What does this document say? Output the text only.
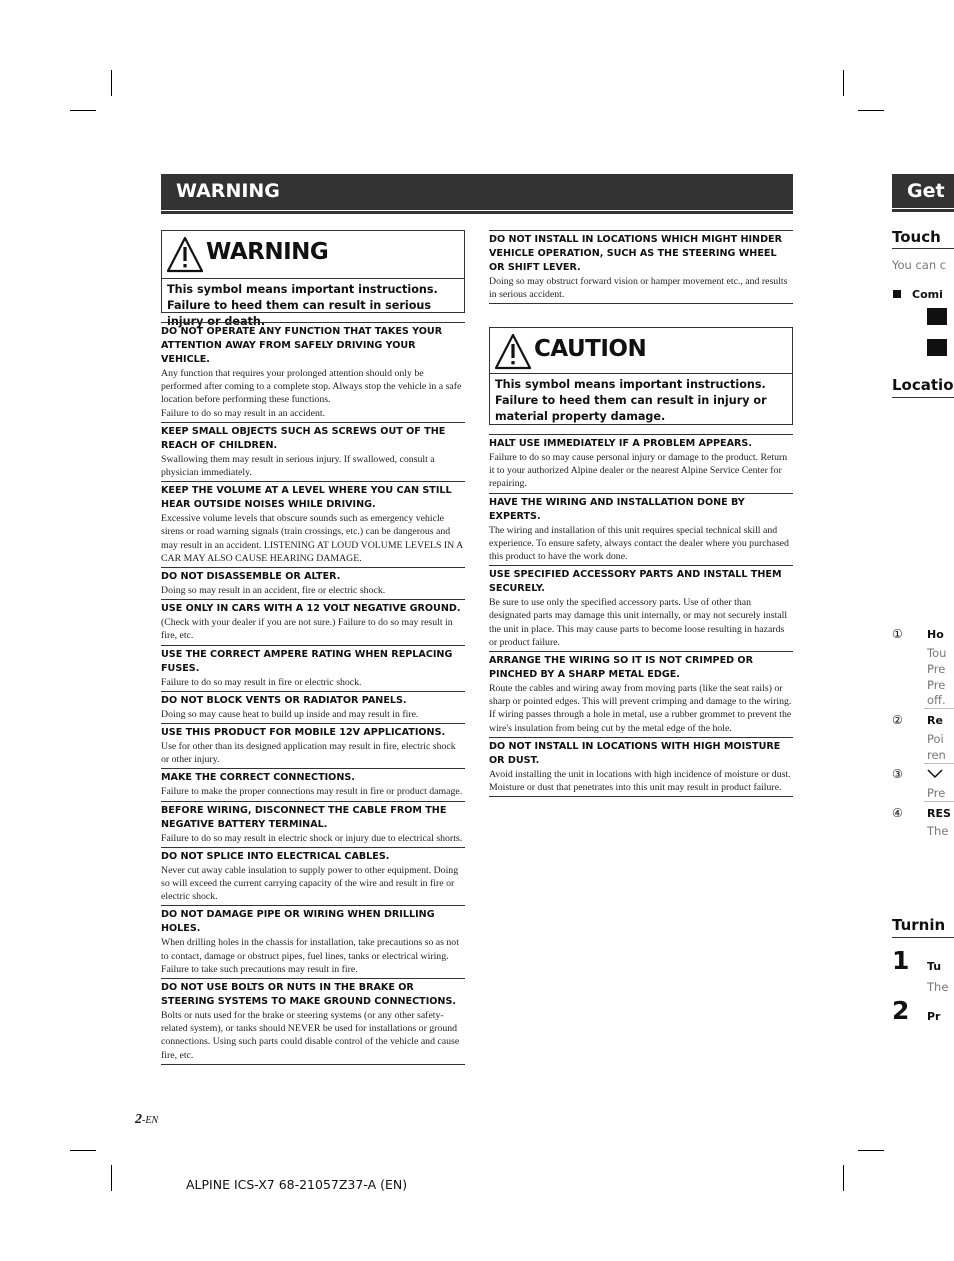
WARNING
WARNING
This symbol means important instructions. Failure to heed them can result in serious injury or death.
CAUTION
This symbol means important instructions. Failure to heed them can result in injury or material property damage.
DO NOT OPERATE ANY FUNCTION THAT TAKES YOUR ATTENTION AWAY FROM SAFELY DRIVING YOUR VEHICLE.

Any function that requires your prolonged attention should only be performed after coming to a complete stop. Always stop the vehicle in a safe location before performing these functions.

Failure to do so may result in an accident.

KEEP SMALL OBJECTS SUCH AS SCREWS OUT OF THE REACH OF CHILDREN.

Swallowing them may result in serious injury. If swallowed, consult a physician immediately.

KEEP THE VOLUME AT A LEVEL WHERE YOU CAN STILL HEAR OUTSIDE NOISES WHILE DRIVING.

Excessive volume levels that obscure sounds such as emergency vehicle sirens or road warning signals (train crossings, etc.) can be dangerous and may result in an accident. LISTENING AT LOUD VOLUME LEVELS IN A CAR MAY ALSO CAUSE HEARING DAMAGE.

DO NOT DISASSEMBLE OR ALTER.

Doing so may result in an accident, fire or electric shock.

USE ONLY IN CARS WITH A 12 VOLT NEGATIVE GROUND.

(Check with your dealer if you are not sure.) Failure to do so may result in fire, etc.

USE THE CORRECT AMPERE RATING WHEN REPLACING FUSES.

Failure to do so may result in fire or electric shock.

DO NOT BLOCK VENTS OR RADIATOR PANELS.

Doing so may cause heat to build up inside and may result in fire.

USE THIS PRODUCT FOR MOBILE 12V APPLICATIONS.

Use for other than its designed application may result in fire, electric shock or other injury.

MAKE THE CORRECT CONNECTIONS.

Failure to make the proper connections may result in fire or product damage.

BEFORE WIRING, DISCONNECT THE CABLE FROM THE NEGATIVE BATTERY TERMINAL.

Failure to do so may result in electric shock or injury due to electrical shorts.

DO NOT SPLICE INTO ELECTRICAL CABLES.

Never cut away cable insulation to supply power to other equipment. Doing so will exceed the current carrying capacity of the wire and result in fire or electric shock.

DO NOT DAMAGE PIPE OR WIRING WHEN DRILLING HOLES.

When drilling holes in the chassis for installation, take precautions so as not to contact, damage or obstruct pipes, fuel lines, tanks or electrical wiring. Failure to take such precautions may result in fire.

DO NOT USE BOLTS OR NUTS IN THE BRAKE OR STEERING SYSTEMS TO MAKE GROUND CONNECTIONS.

Bolts or nuts used for the brake or steering systems (or any other safety-related system), or tanks should NEVER be used for installations or ground connections. Using such parts could disable control of the vehicle and cause fire, etc.

DO NOT INSTALL IN LOCATIONS WHICH MIGHT HINDER VEHICLE OPERATION, SUCH AS THE STEERING WHEEL OR SHIFT LEVER.

Doing so may obstruct forward vision or hamper movement etc., and results in serious accident.

HALT USE IMMEDIATELY IF A PROBLEM APPEARS.

Failure to do so may cause personal injury or damage to the product. Return it to your authorized Alpine dealer or the nearest Alpine Service Center for repairing.

HAVE THE WIRING AND INSTALLATION DONE BY EXPERTS.

The wiring and installation of this unit requires special technical skill and experience. To ensure safety, always contact the dealer where you purchased this product to have the work done.

USE SPECIFIED ACCESSORY PARTS AND INSTALL THEM SECURELY.

Be sure to use only the specified accessory parts. Use of other than designated parts may damage this unit internally, or may not securely install the unit in place. This may cause parts to become loose resulting in hazards or product failure.

ARRANGE THE WIRING SO IT IS NOT CRIMPED OR PINCHED BY A SHARP METAL EDGE.

Route the cables and wiring away from moving parts (like the seat rails) or sharp or pointed edges. This will prevent crimping and damage to the wiring. If wiring passes through a hole in metal, use a rubber grommet to prevent the wire's insulation from being cut by the metal edge of the hole.

DO NOT INSTALL IN LOCATIONS WITH HIGH MOISTURE OR DUST.

Avoid installing the unit in locations with high incidence of moisture or dust. Moisture or dust that penetrates into this unit may result in product failure.

Get
Touch
You can c
Comi
Locatio
① Ho
Tou
Pre
Pre
off.
② Re
Poi
ren
③
Pre
④ RES
The
Turnin
1 Tu
The
2 Pr
2-EN
ALPINE ICS-X7 68-21057Z37-A (EN)
